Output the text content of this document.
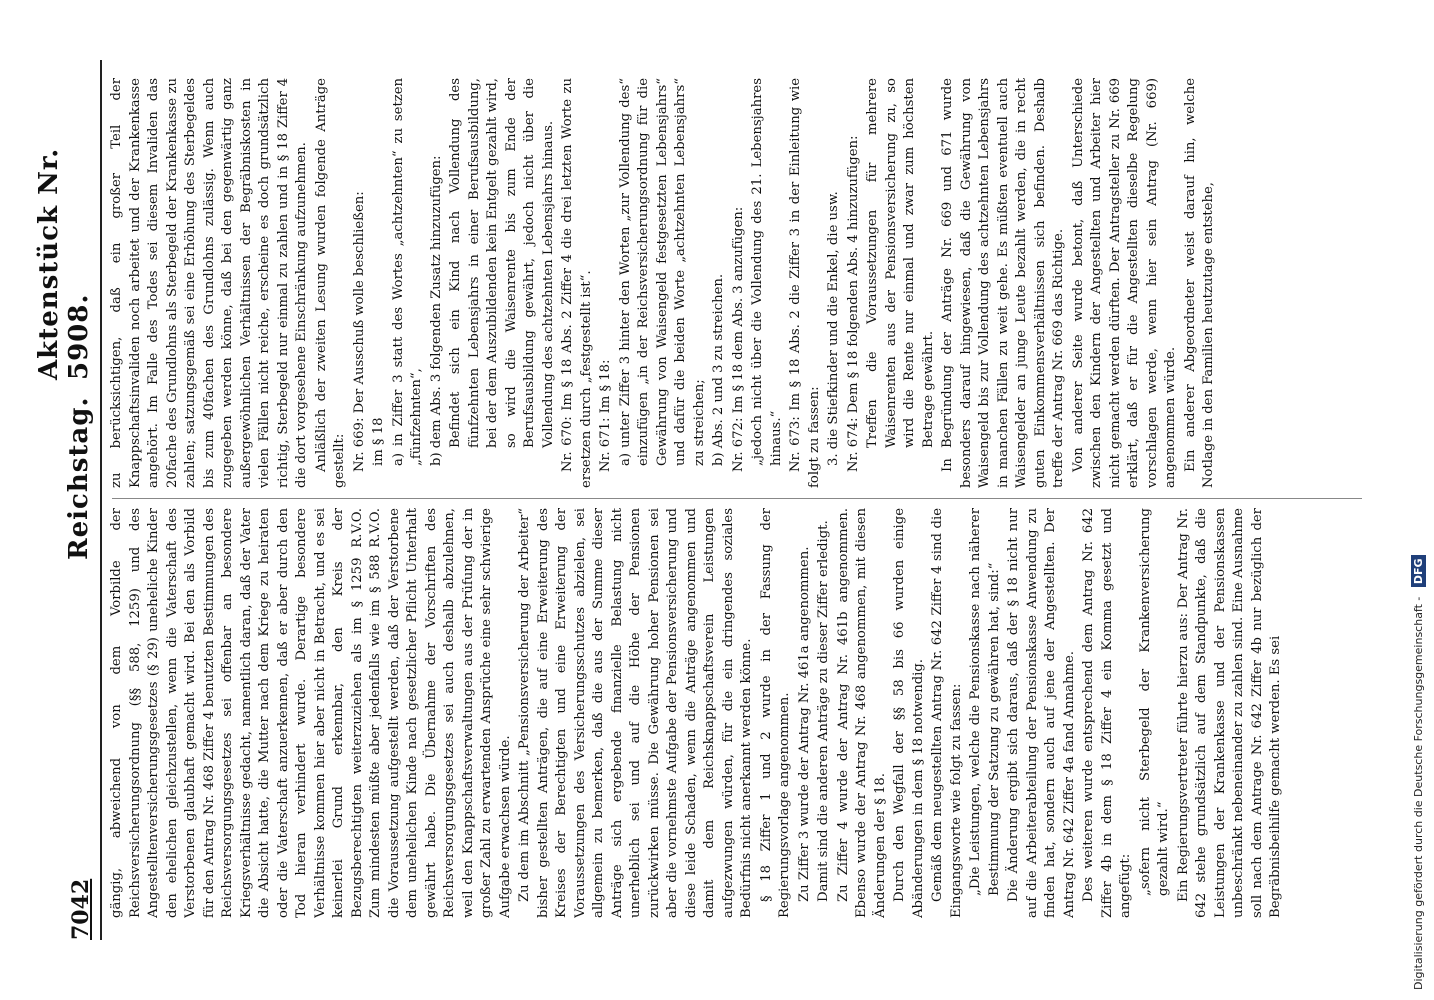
7042
Reichstag.
Aktenstück Nr. 5908.

gängig, abweichend von dem Vorbilde der Reichsversicherungsordnung (§§ 588, 1259) und des Angestelltenversicherungsgesetzes (§ 29) uneheliche Kinder den ehelichen gleichzustellen, wenn die Vaterschaft des Verstorbenen glaubhaft gemacht wird. Bei den als Vorbild für den Antrag Nr. 468 Ziffer 4 benutzten Bestimmungen des Reichsversorgungsgesetzes sei offenbar an besondere Kriegsverhältnisse gedacht, namentlich daran, daß der Vater die Absicht hatte, die Mutter nach dem Kriege zu heiraten oder die Vaterschaft anzuerkennen, daß er aber durch den Tod hieran verhindert wurde. Derartige besondere Verhältnisse kommen hier aber nicht in Betracht, und es sei keinerlei Grund erkennbar, den Kreis der Bezugsberechtigten weiterzuziehen als im § 1259 R.V.O. Zum mindesten müßte aber jedenfalls wie im § 588 R.V.O. die Voraussetzung aufgestellt werden, daß der Verstorbene dem unehelichen Kinde nach gesetzlicher Pflicht Unterhalt gewährt habe. Die Übernahme der Vorschriften des Reichsversorgungsgesetzes sei auch deshalb abzulehnen, weil den Knappschaftsverwaltungen aus der Prüfung der in großer Zahl zu erwartenden Ansprüche eine sehr schwierige Aufgabe erwachsen würde. Zu dem im Abschnitt „Pensionsversicherung der Arbeiter“ bisher gestellten Anträgen, die auf eine Erweiterung des Kreises der Berechtigten und eine Erweiterung der Voraussetzungen des Versicherungsschutzes abzielen, sei allgemein zu bemerken, daß die aus der Summe dieser Anträge sich ergebende finanzielle Belastung nicht unerheblich sei und auf die Höhe der Pensionen zurückwirken müsse. Die Gewährung hoher Pensionen sei aber die vornehmste Aufgabe der Pensionsversicherung und diese leide Schaden, wenn die Anträge angenommen und damit dem Reichsknappschaftsverein Leistungen aufgezwungen würden, für die ein dringendes soziales Bedürfnis nicht anerkannt werden könne. § 18 Ziffer 1 und 2 wurde in der Fassung der Regierungsvorlage angenommen. Zu Ziffer 3 wurde der Antrag Nr. 461a angenommen. Damit sind die anderen Anträge zu dieser Ziffer erledigt. Zu Ziffer 4 wurde der Antrag Nr. 461b angenommen. Ebenso wurde der Antrag Nr. 468 angenommen, mit diesen Änderungen der § 18. Durch den Wegfall der §§ 58 bis 66 wurden einige Abänderungen in dem § 18 notwendig. Gemäß dem neugestellten Antrag Nr. 642 Ziffer 4 sind die Eingangsworte wie folgt zu fassen: „Die Leistungen, welche die Pensionskasse nach näherer Bestimmung der Satzung zu gewähren hat, sind:“ Die Änderung ergibt sich daraus, daß der § 18 nicht nur auf die Arbeiterabteilung der Pensionskasse Anwendung zu finden hat, sondern auch auf jene der Angestellten. Der Antrag Nr. 642 Ziffer 4a fand Annahme. Des weiteren wurde entsprechend dem Antrag Nr. 642 Ziffer 4b in dem § 18 Ziffer 4 ein Komma gesetzt und angefügt: „sofern nicht Sterbegeld der Krankenversicherung gezahlt wird.“ Ein Regierungsvertreter führte hierzu aus: Der Antrag Nr. 642 stehe grundsätzlich auf dem Standpunkte, daß die Leistungen der Krankenkasse und der Pensionskassen unbeschränkt nebeneinander zu zahlen sind. Eine Ausnahme soll nach dem Antrage Nr. 642 Ziffer 4b nur bezüglich der Begräbnisbeihilfe gemacht werden. Es sei

zu berücksichtigen, daß ein großer Teil der Knappschaftsinvaliden noch arbeitet und der Krankenkasse angehört. Im Falle des Todes sei diesem Invaliden das 20fache des Grundlohns als Sterbegeld der Krankenkasse zu zahlen; satzungsgemäß sei eine Erhöhung des Sterbegeldes bis zum 40fachen des Grundlohns zulässig. Wenn auch zugegeben werden könne, daß bei den gegenwärtig ganz außergewöhnlichen Verhältnissen der Begräbniskosten in vielen Fällen nicht reiche, erscheine es doch grundsätzlich richtig, Sterbegeld nur einmal zu zahlen und in § 18 Ziffer 4 die dort vorgesehene Einschränkung aufzunehmen. Anläßlich der zweiten Lesung wurden folgende Anträge gestellt: Nr. 669: Der Ausschuß wolle beschließen: im § 18 a) in Ziffer 3 statt des Wortes „achtzehnten“ zu setzen „fünfzehnten“, b) dem Abs. 3 folgenden Zusatz hinzuzufügen: Befindet sich ein Kind nach Vollendung des fünfzehnten Lebensjahrs in einer Berufsausbildung, bei der dem Auszubildenden kein Entgelt gezahlt wird, so wird die Waisenrente bis zum Ende der Berufsausbildung gewährt, jedoch nicht über die Vollendung des achtzehnten Lebensjahrs hinaus. Nr. 670: Im § 18 Abs. 2 Ziffer 4 die drei letzten Worte zu ersetzen durch „festgestellt ist“. Nr. 671: Im § 18: a) unter Ziffer 3 hinter den Worten „zur Vollendung des“ einzufügen „in der Reichsversicherungsordnung für die Gewährung von Waisengeld festgesetzten Lebensjahrs“ und dafür die beiden Worte „achtzehnten Lebensjahrs“ zu streichen; b) Abs. 2 und 3 zu streichen. Nr. 672: Im § 18 dem Abs. 3 anzufügen: „jedoch nicht über die Vollendung des 21. Lebensjahres hinaus.“ Nr. 673: Im § 18 Abs. 2 die Ziffer 3 in der Einleitung wie folgt zu fassen: 3. die Stiefkinder und die Enkel, die usw. Nr. 674: Dem § 18 folgenden Abs. 4 hinzuzufügen: Treffen die Voraussetzungen für mehrere Waisenrenten aus der Pensionsversicherung zu, so wird die Rente nur einmal und zwar zum höchsten Betrage gewährt. In Begründung der Anträge Nr. 669 und 671 wurde besonders darauf hingewiesen, daß die Gewährung von Waisengeld bis zur Vollendung des achtzehnten Lebensjahrs in manchen Fällen zu weit gehe. Es müßten eventuell auch Waisengelder an junge Leute bezahlt werden, die in recht guten Einkommensverhältnissen sich befinden. Deshalb treffe der Antrag Nr. 669 das Richtige. Von anderer Seite wurde betont, daß Unterschiede zwischen den Kindern der Angestellten und Arbeiter hier nicht gemacht werden dürften. Der Antragsteller zu Nr. 669 erklärt, daß er für die Angestellten dieselbe Regelung vorschlagen werde, wenn hier sein Antrag (Nr. 669) angenommen würde. Ein anderer Abgeordneter weist darauf hin, welche Notlage in den Familien heutzutage entstehe,

Digitalisierung gefördert durch die Deutsche Forschungsgemeinschaft - DFG
